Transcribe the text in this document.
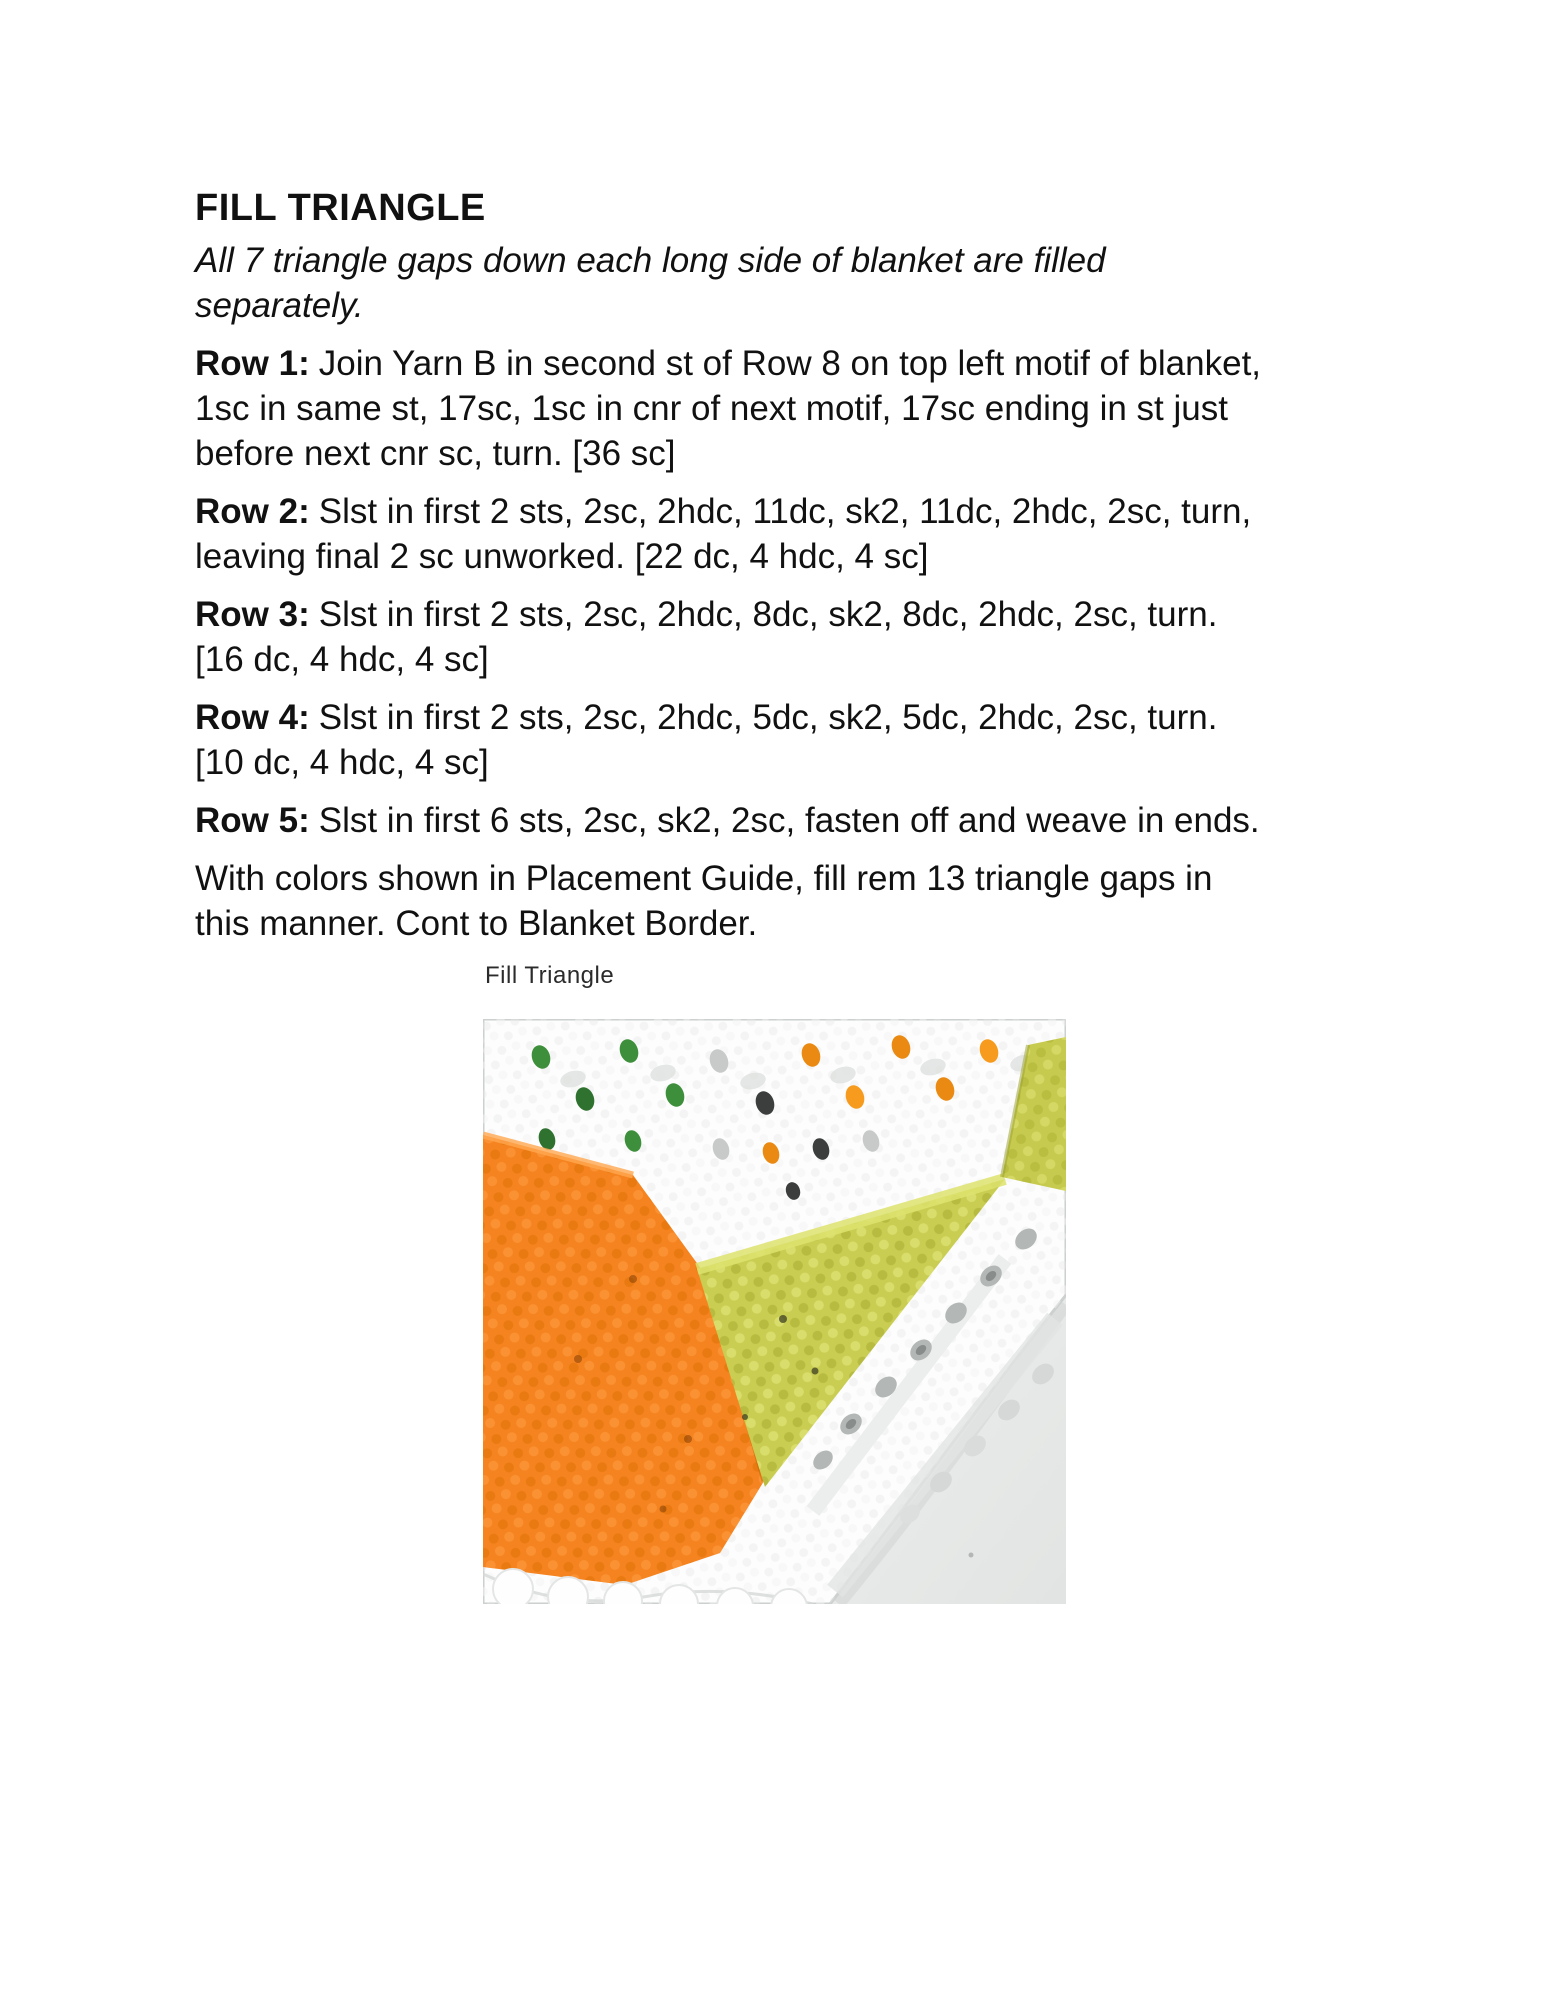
FILL TRIANGLE

All 7 triangle gaps down each long side of blanket are filled
separately.

Row 1: Join Yarn B in second st of Row 8 on top left motif of blanket,
1sc in same st, 17sc, 1sc in cnr of next motif, 17sc ending in st just
before next cnr sc, turn. [36 sc]

Row 2: Slst in first 2 sts, 2sc, 2hdc, 11dc, sk2, 11dc, 2hdc, 2sc, turn,
leaving final 2 sc unworked. [22 dc, 4 hdc, 4 sc]

Row 3: Slst in first 2 sts, 2sc, 2hdc, 8dc, sk2, 8dc, 2hdc, 2sc, turn.
[16 dc, 4 hdc, 4 sc]

Row 4: Slst in first 2 sts, 2sc, 2hdc, 5dc, sk2, 5dc, 2hdc, 2sc, turn.
[10 dc, 4 hdc, 4 sc]

Row 5: Slst in first 6 sts, 2sc, sk2, 2sc, fasten off and weave in ends.

With colors shown in Placement Guide, fill rem 13 triangle gaps in
this manner. Cont to Blanket Border.

Fill Triangle
